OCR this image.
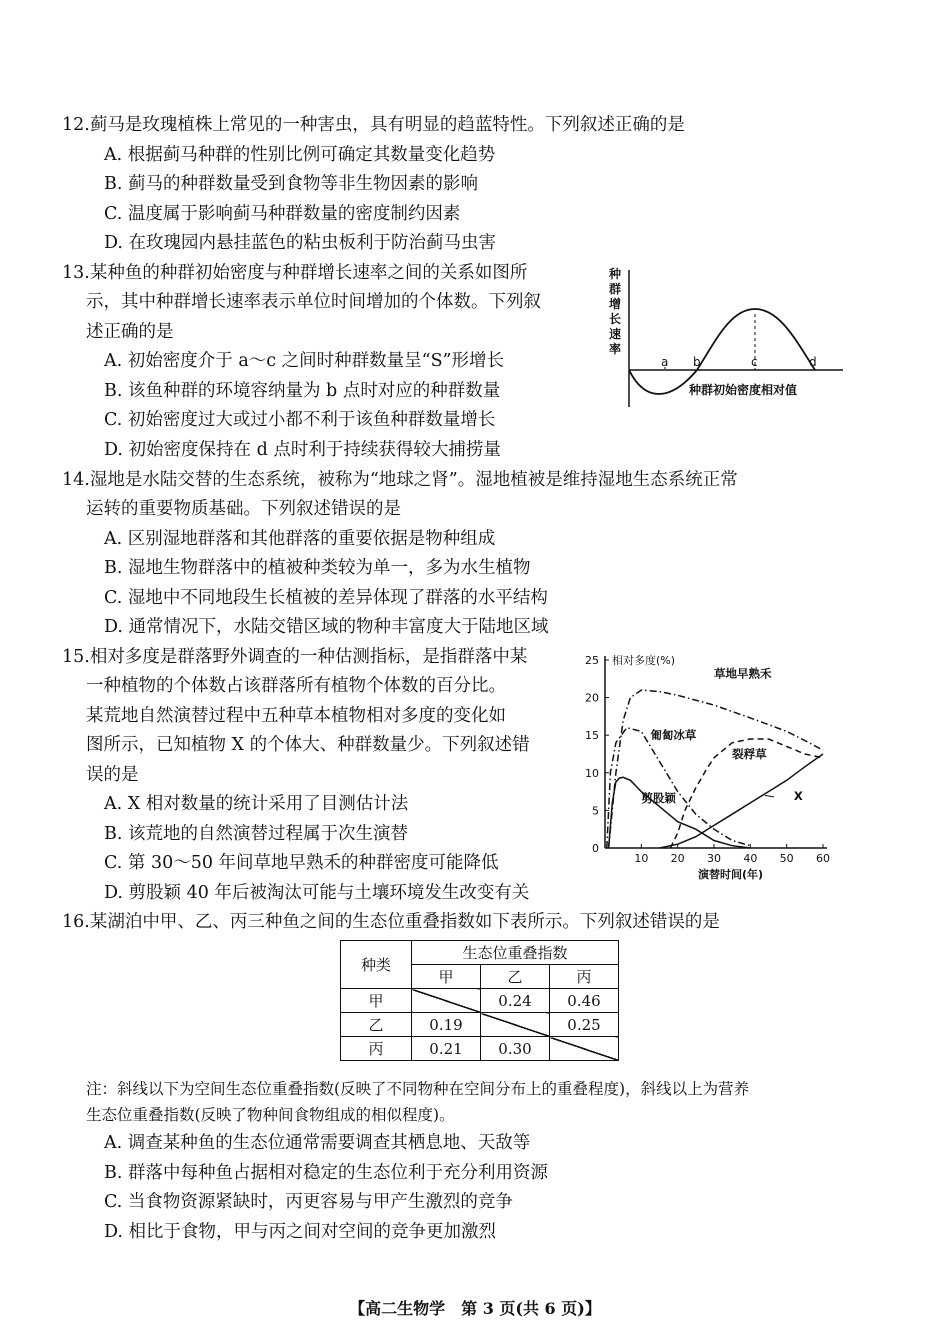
12.蓟马是玫瑰植株上常见的一种害虫，具有明显的趋蓝特性。下列叙述正确的是
A. 根据蓟马种群的性别比例可确定其数量变化趋势
B. 蓟马的种群数量受到食物等非生物因素的影响
C. 温度属于影响蓟马种群数量的密度制约因素
D. 在玫瑰园内悬挂蓝色的粘虫板利于防治蓟马虫害
13.某种鱼的种群初始密度与种群增长速率之间的关系如图所
示，其中种群增长速率表示单位时间增加的个体数。下列叙
述正确的是
A. 初始密度介于 a～c 之间时种群数量呈“S”形增长
B. 该鱼种群的环境容纳量为 b 点时对应的种群数量
C. 初始密度过大或过小都不利于该鱼种群数量增长
D. 初始密度保持在 d 点时利于持续获得较大捕捞量
种
群
增
长
速
率
a b	c	d
种群初始密度相对值
14.湿地是水陆交替的生态系统，被称为“地球之肾”。湿地植被是维持湿地生态系统正常
运转的重要物质基础。下列叙述错误的是
A. 区别湿地群落和其他群落的重要依据是物种组成
B. 湿地生物群落中的植被种类较为单一，多为水生植物
C. 湿地中不同地段生长植被的差异体现了群落的水平结构
D. 通常情况下，水陆交错区域的物种丰富度大于陆地区域
15.相对多度是群落野外调查的一种估测指标，是指群落中某
一种植物的个体数占该群落所有植物个体数的百分比。
某荒地自然演替过程中五种草本植物相对多度的变化如
图所示，已知植物 X 的个体大、种群数量少。下列叙述错
误的是
A. X 相对数量的统计采用了目测估计法
B. 该荒地的自然演替过程属于次生演替
C. 第 30～50 年间草地早熟禾的种群密度可能降低
D. 剪股颖 40 年后被淘汰可能与土壤环境发生改变有关
0
5
10
15
20
25
10 20 30 40 50 60
相对多度(%)
演替时间(年)
草地早熟禾
匍匐冰草
裂稃草
剪股颖	X
16.某湖泊中甲、乙、丙三种鱼之间的生态位重叠指数如下表所示。下列叙述错误的是
种类	生态位重叠指数		
	甲	乙	丙
甲		0.24	0.46
乙	0.19		0.25
丙	0.21	0.30	
注：斜线以下为空间生态位重叠指数(反映了不同物种在空间分布上的重叠程度)，斜线以上为营养
生态位重叠指数(反映了物种间食物组成的相似程度)。
A. 调查某种鱼的生态位通常需要调查其栖息地、天敌等
B. 群落中每种鱼占据相对稳定的生态位利于充分利用资源
C. 当食物资源紧缺时，丙更容易与甲产生激烈的竞争
D. 相比于食物，甲与丙之间对空间的竞争更加激烈
【高二生物学　第 3 页(共 6 页)】
